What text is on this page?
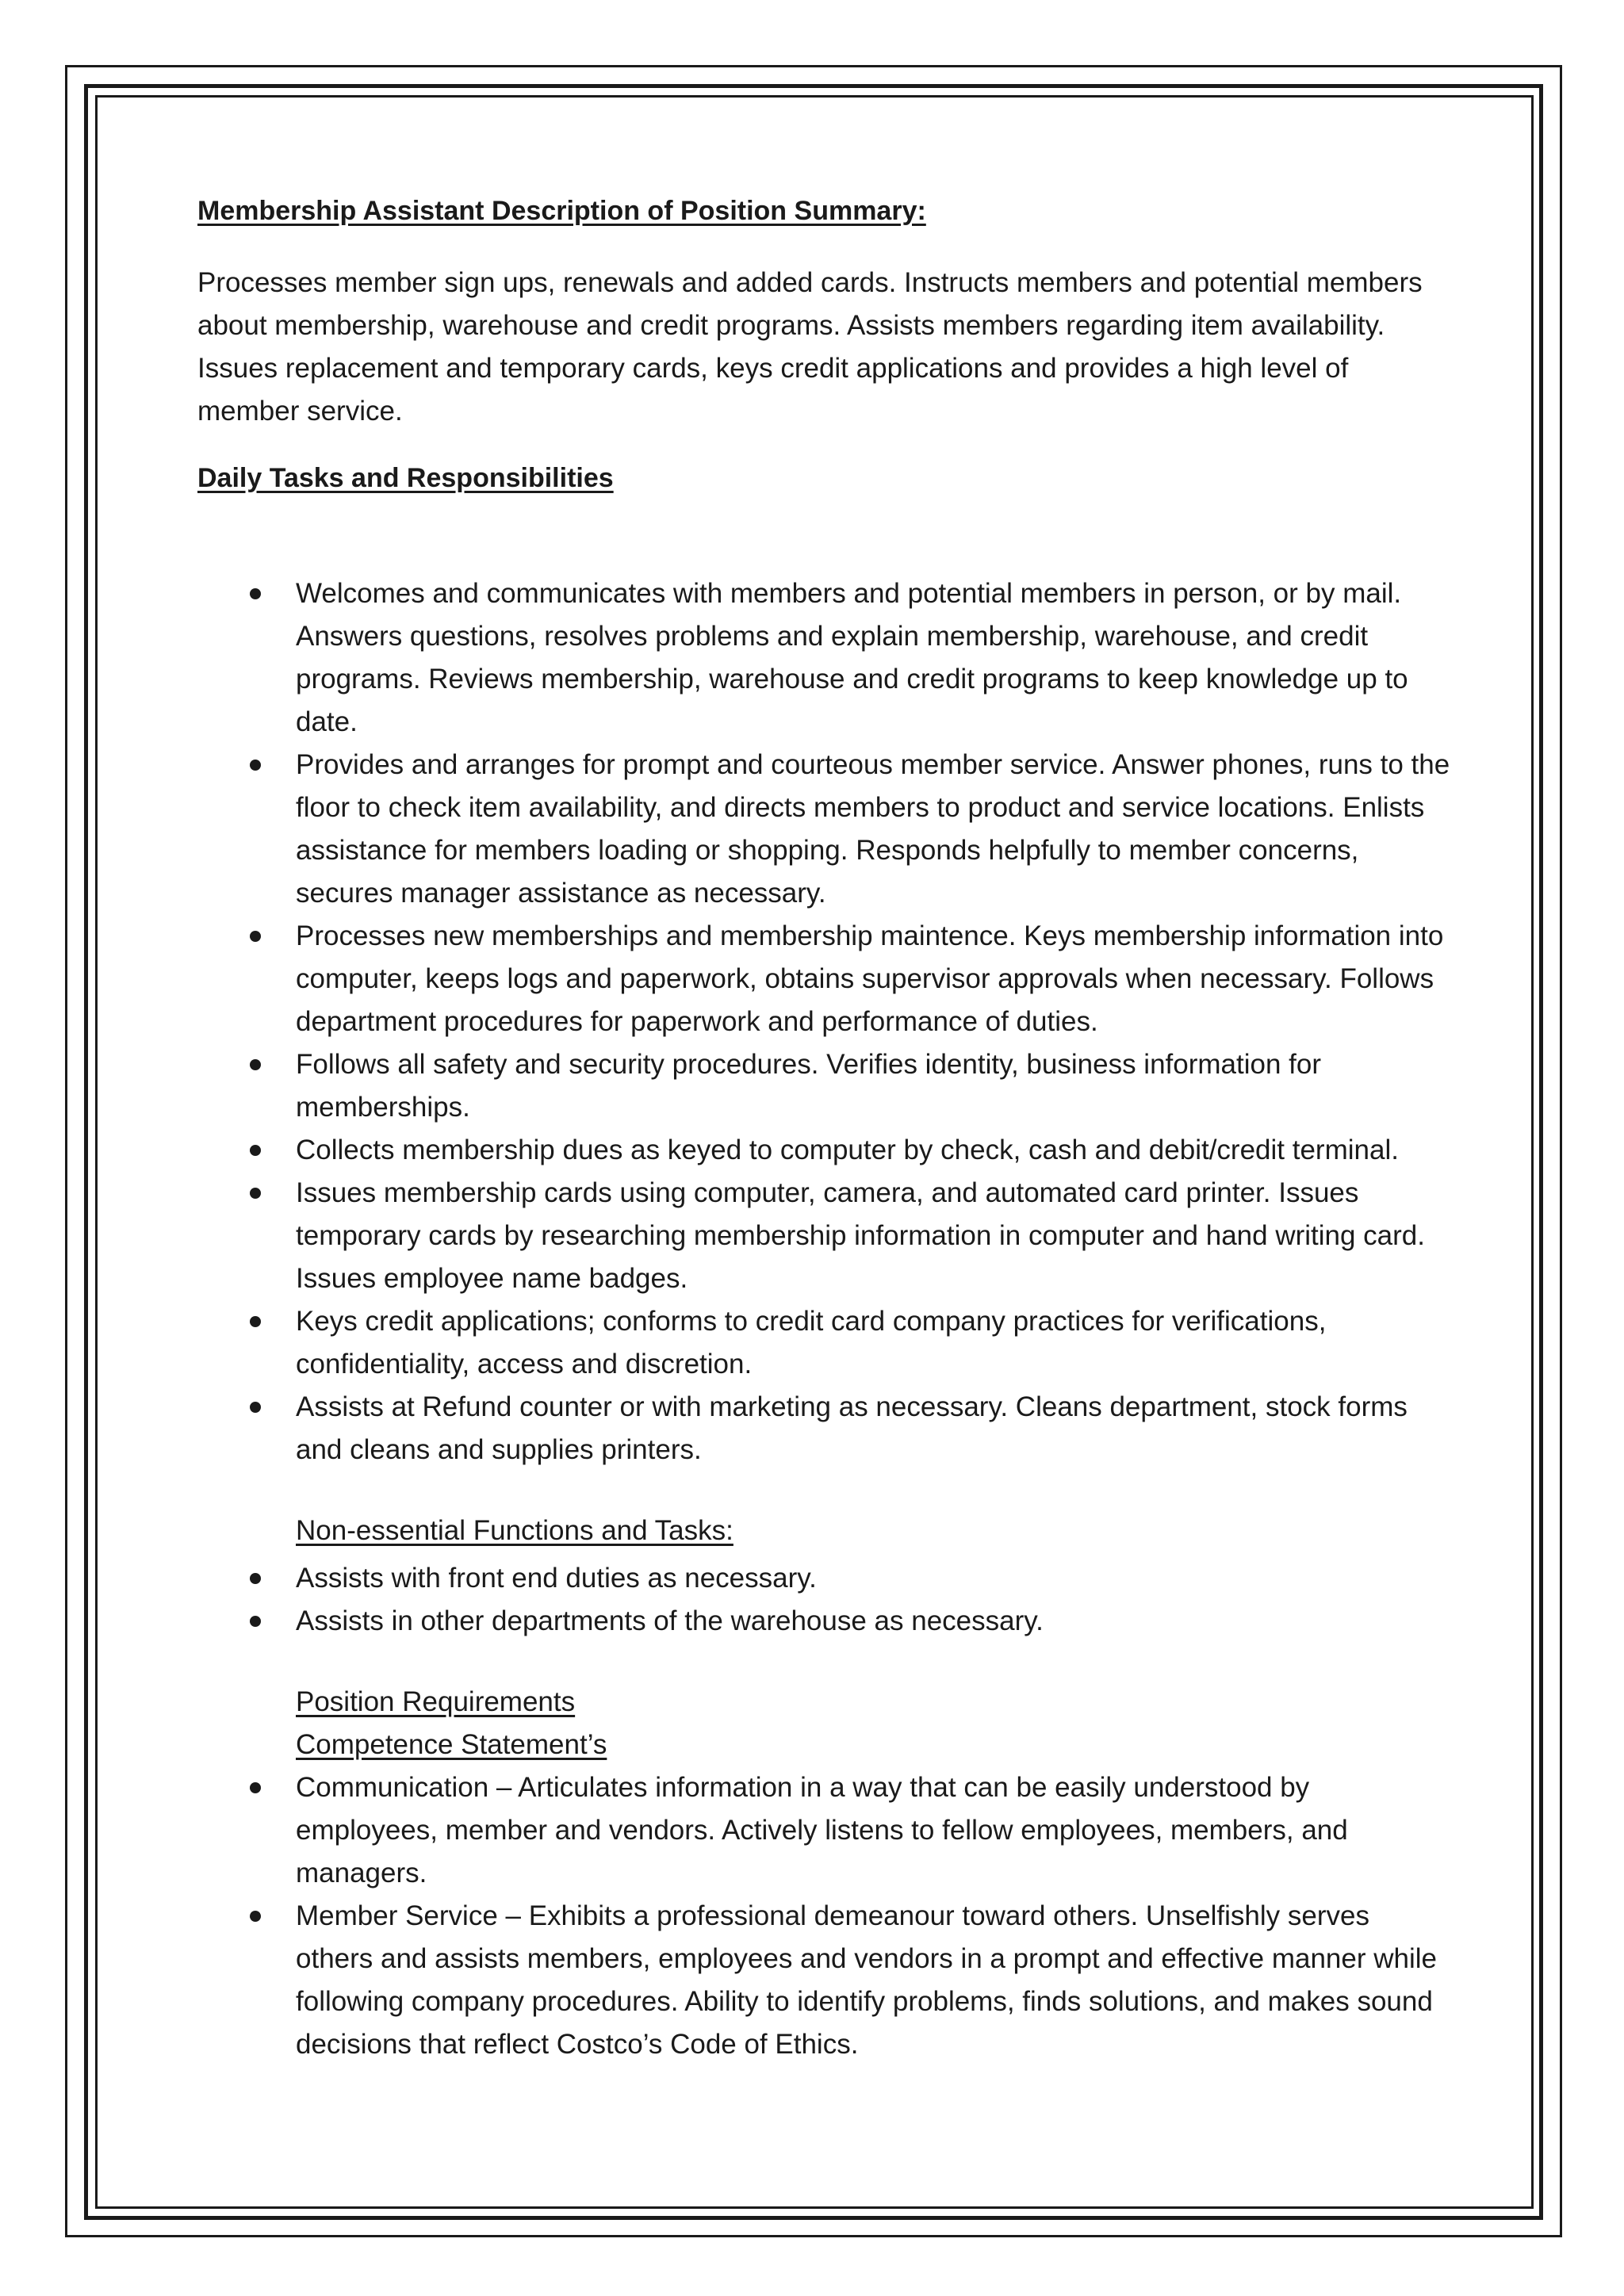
Membership Assistant Description of Position Summary:

Processes member sign ups, renewals and added cards. Instructs members and potential members about membership, warehouse and credit programs. Assists members regarding item availability. Issues replacement and temporary cards, keys credit applications and provides a high level of member service.

Daily Tasks and Responsibilities

Welcomes and communicates with members and potential members in person, or by mail. Answers questions, resolves problems and explain membership, warehouse, and credit programs. Reviews membership, warehouse and credit programs to keep knowledge up to date.
Provides and arranges for prompt and courteous member service. Answer phones, runs to the floor to check item availability, and directs members to product and service locations. Enlists assistance for members loading or shopping. Responds helpfully to member concerns, secures manager assistance as necessary.
Processes new memberships and membership maintence. Keys membership information into computer, keeps logs and paperwork, obtains supervisor approvals when necessary. Follows department procedures for paperwork and performance of duties.
Follows all safety and security procedures. Verifies identity, business information for memberships.
Collects membership dues as keyed to computer by check, cash and debit/credit terminal.
Issues membership cards using computer, camera, and automated card printer. Issues temporary cards by researching membership information in computer and hand writing card. Issues employee name badges.
Keys credit applications; conforms to credit card company practices for verifications, confidentiality, access and discretion.
Assists at Refund counter or with marketing as necessary. Cleans department, stock forms and cleans and supplies printers.

Non-essential Functions and Tasks:

Assists with front end duties as necessary.
Assists in other departments of the warehouse as necessary.

Position Requirements

Competence Statement’s

Communication – Articulates information in a way that can be easily understood by employees, member and vendors. Actively listens to fellow employees, members, and managers.
Member Service – Exhibits a professional demeanour toward others. Unselfishly serves others and assists members, employees and vendors in a prompt and effective manner while following company procedures. Ability to identify problems, finds solutions, and makes sound decisions that reflect Costco’s Code of Ethics.
